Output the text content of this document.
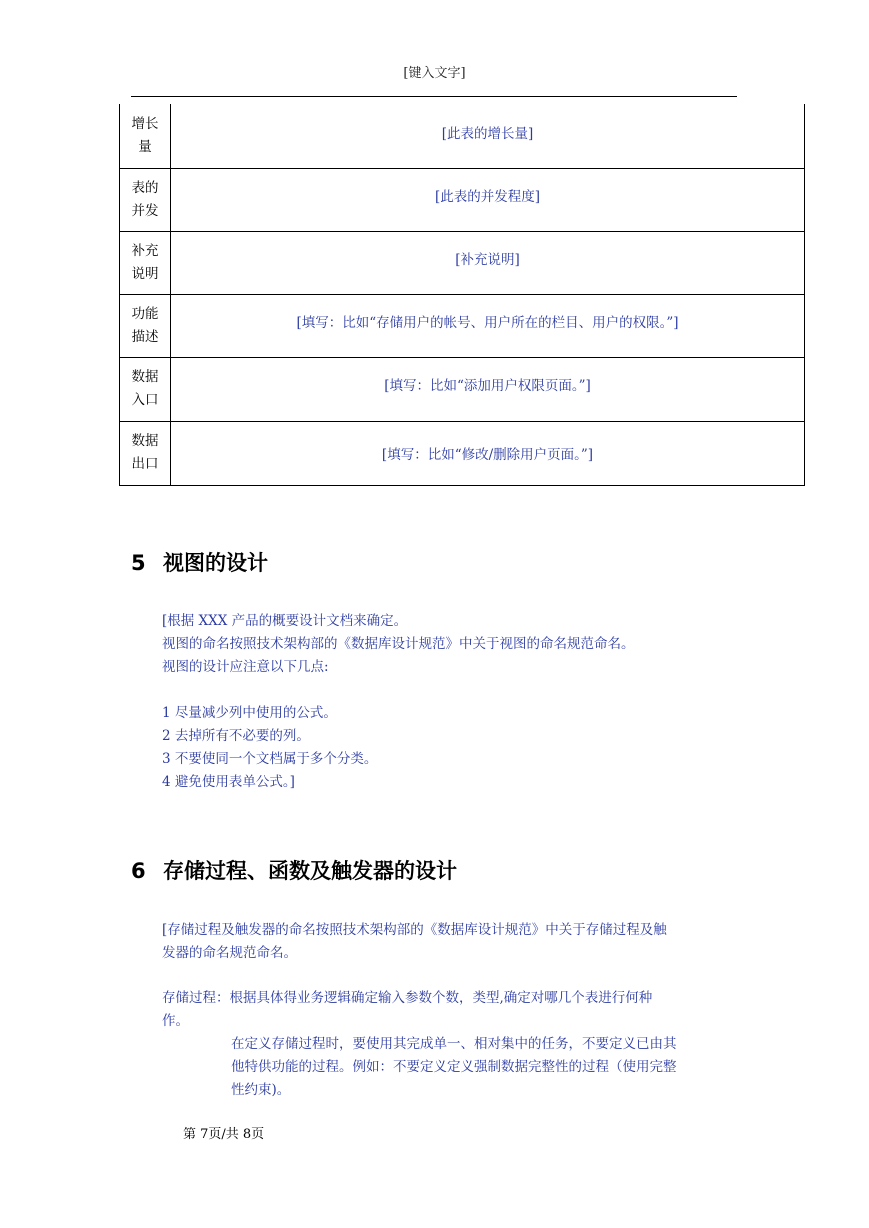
[键入文字]
增长
量	[此表的增长量]
表的
并发	[此表的并发程度]
补充
说明	[补充说明]
功能
描述	[填写：比如“存储用户的帐号、用户所在的栏目、用户的权限。”]
数据
入口	[填写：比如“添加用户权限页面。”]
数据
出口	[填写：比如“修改/删除用户页面。”]
5 视图的设计
[根据 XXX 产品的概要设计文档来确定。
视图的命名按照技术架构部的《数据库设计规范》中关于视图的命名规范命名。
视图的设计应注意以下几点:
1 尽量减少列中使用的公式。
2 去掉所有不必要的列。
3 不要使同一个文档属于多个分类。
4 避免使用表单公式。]
6 存储过程、函数及触发器的设计
[存储过程及触发器的命名按照技术架构部的《数据库设计规范》中关于存储过程及触
发器的命名规范命名。
存储过程：根据具体得业务逻辑确定输入参数个数，类型,确定对哪几个表进行何种
作。
在定义存储过程时，要使用其完成单一、相对集中的任务，不要定义已由其
他特供功能的过程。例如：不要定义定义强制数据完整性的过程（使用完整
性约束)。
第 7页/共 8页
